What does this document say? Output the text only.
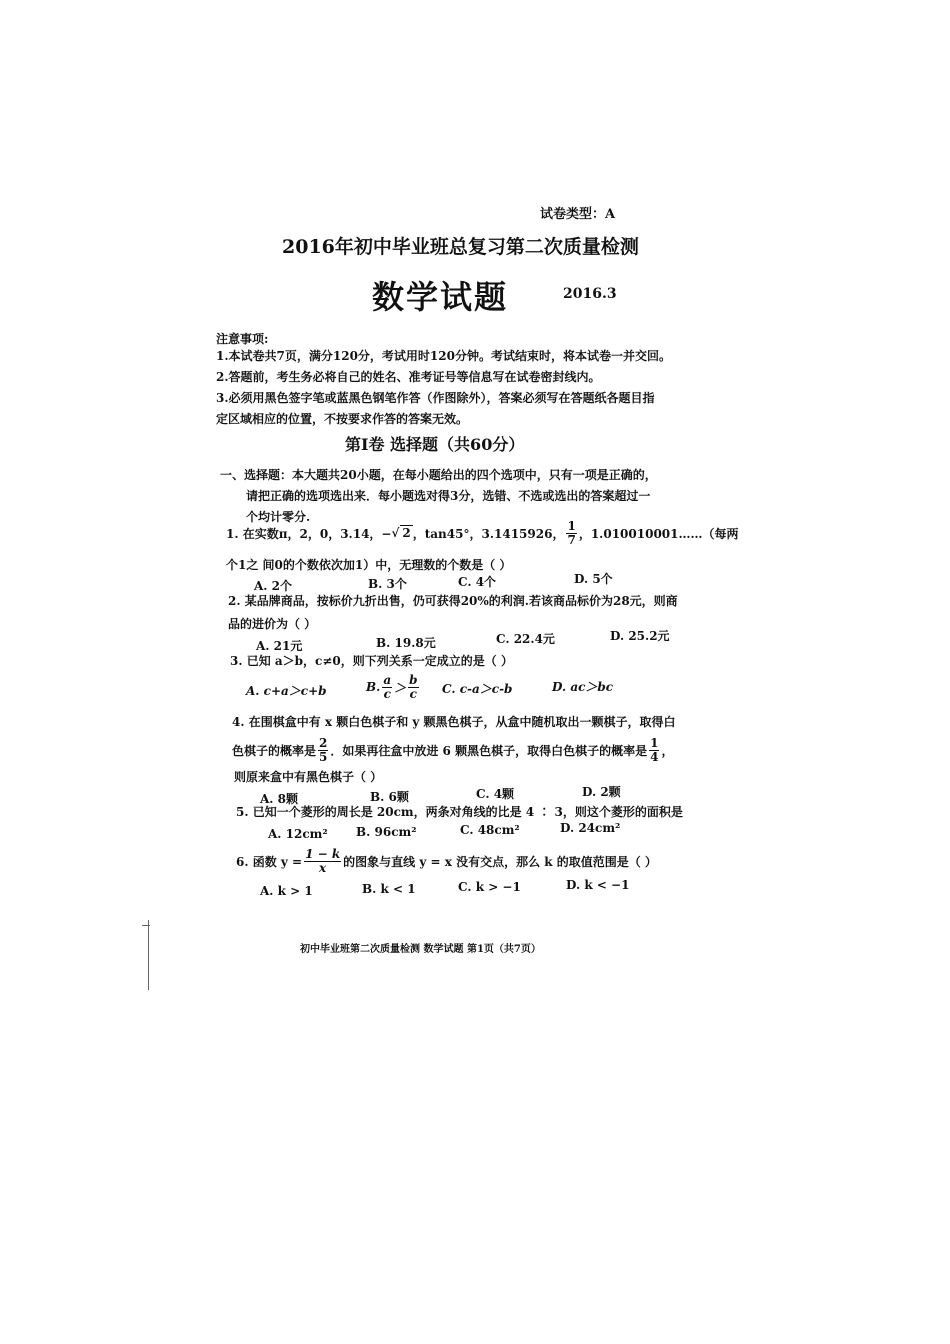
试卷类型：A
2016年初中毕业班总复习第二次质量检测
数学试题	2016.3
注意事项:
1.本试卷共7页，满分120分，考试用时120分钟。考试结束时，将本试卷一并交回。
2.答题前，考生务必将自己的姓名、准考证号等信息写在试卷密封线内。
3.必须用黑色签字笔或蓝黑色钢笔作答（作图除外），答案必须写在答题纸各题目指
定区域相应的位置，不按要求作答的答案无效。
第Ⅰ卷 选择题（共60分）
一、选择题：本大题共20小题，在每小题给出的四个选项中，只有一项是正确的，
请把正确的选项选出来．每小题选对得3分，选错、不选或选出的答案超过一
个均计零分.
1. 在实数π，2，0，3.14，− √ 2 ，tan45°，3.1415926， $\frac{1}{7}$ ，1.010010001……（每两
个1之 间0的个数依次加1）中，无理数的个数是（ ）
A. 2个	B. 3个	C. 4个	D. 5个
2. 某品牌商品，按标价九折出售，仍可获得20%的利润.若该商品标价为28元，则商
品的进价为（ ）
A. 21元	B. 19.8元	C. 22.4元	D. 25.2元
3. 已知 a＞b，c≠0，则下列关系一定成立的是（ ）
A. c+a＞c+b	B. $\frac{a}{c} > \frac{b}{c} C$. c-a＞c-b	D. ac＞bc
4. 在围棋盒中有 x 颗白色棋子和 y 颗黑色棋子，从盒中随机取出一颗棋子，取得白
色棋子的概率是 $\frac{2}{5}$ ．如果再往盒中放进 6 颗黑色棋子，取得白色棋子的概率是 $\frac{1}{4}$ ，
则原来盒中有黑色棋子（ ）
A. 8颗	B. 6颗	C. 4颗	D. 2颗
5. 已知一个菱形的周长是 20cm，两条对角线的比是 4 ∶ 3，则这个菱形的面积是
A. 12cm² B. 96cm²	C. 48cm²	D. 24cm²
6. 函数 $y = \frac{1 - k}{x}$ 的图象与直线 y = x 没有交点，那么 k 的取值范围是（ ）
A. k > 1	B. k < 1	C. k > −1	D. k < −1
初中毕业班第二次质量检测 数学试题 第1页（共7页）
